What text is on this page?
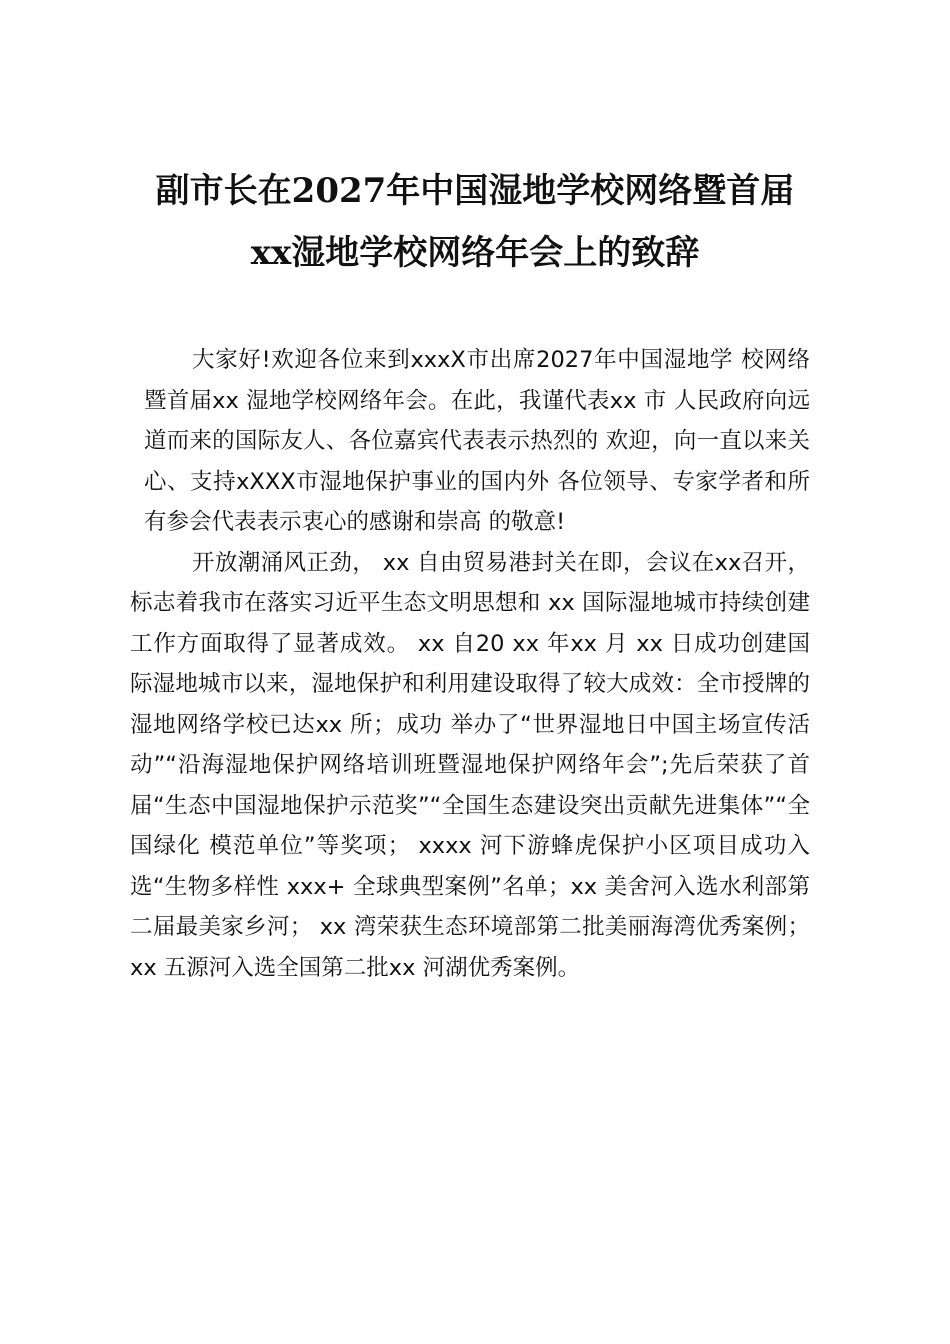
副市长在2027年中国湿地学校网络暨首届
xx湿地学校网络年会上的致辞

大家好!欢迎各位来到xxxX市出席2027年中国湿地学 校网络暨首届xx 湿地学校网络年会。在此，我谨代表xx 市 人民政府向远道而来的国际友人、各位嘉宾代表表示热烈的 欢迎，向一直以来关心、支持xXXX市湿地保护事业的国内外 各位领导、专家学者和所有参会代表表示衷心的感谢和崇高 的敬意!

开放潮涌风正劲， xx 自由贸易港封关在即，会议在xx召开，标志着我市在落实习近平生态文明思想和 xx 国际湿地城市持续创建工作方面取得了显著成效。 xx 自20 xx 年xx 月 xx 日成功创建国际湿地城市以来，湿地保护和利用建设取得了较大成效：全市授牌的湿地网络学校已达xx 所；成功 举办了“世界湿地日中国主场宣传活动”“沿海湿地保护网络培训班暨湿地保护网络年会”;先后荣获了首届“生态中国湿地保护示范奖”“全国生态建设突出贡献先进集体”“全国绿化 模范单位”等奖项； xxxx 河下游蜂虎保护小区项目成功入选“生物多样性 xxx+ 全球典型案例”名单；xx 美舍河入选水利部第二届最美家乡河； xx 湾荣获生态环境部第二批美丽海湾优秀案例； xx 五源河入选全国第二批xx 河湖优秀案例。
